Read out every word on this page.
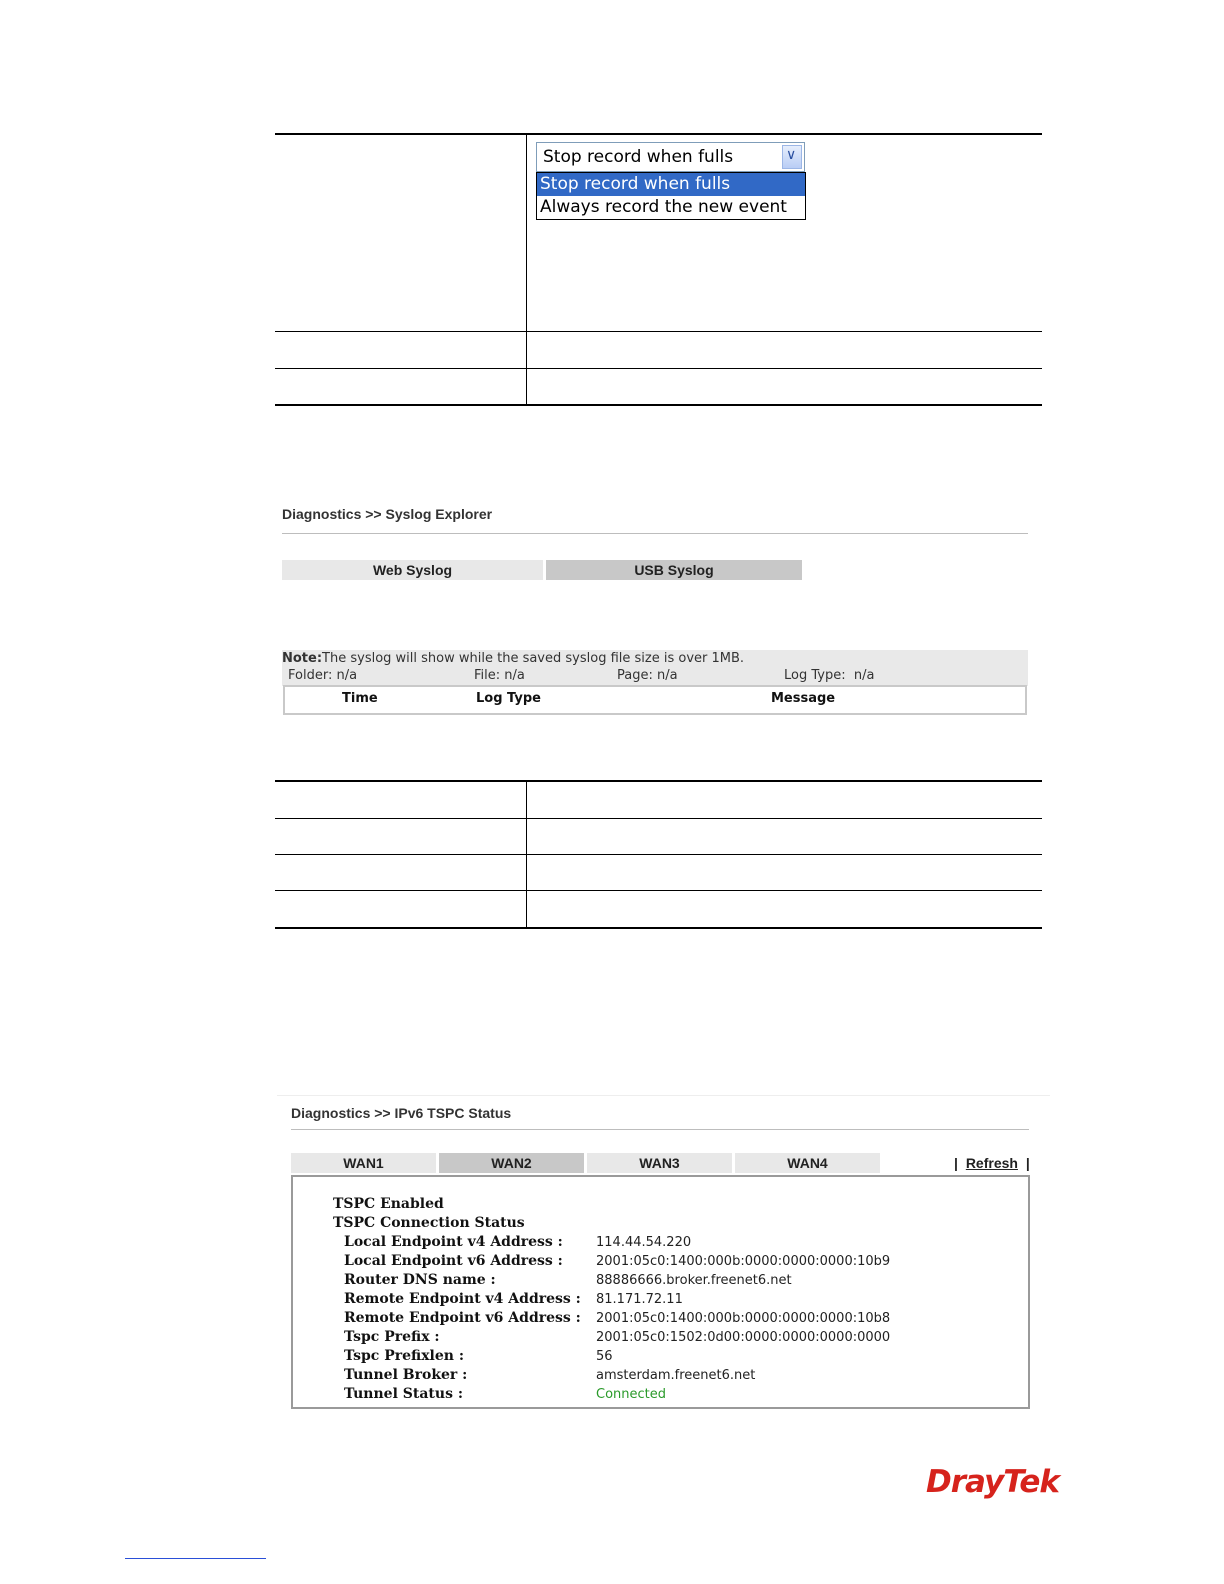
Stop record when fulls	∨
Stop record when fulls
Always record the new event
Diagnostics >> Syslog Explorer
Web Syslog	USB Syslog
Note:The syslog will show while the saved syslog file size is over 1MB.
Folder: n/a	File: n/a	Page: n/a	Log Type:  n/a
Time	Log Type	Message
Diagnostics >> IPv6 TSPC Status
WAN1	WAN2	WAN3	WAN4	| Refresh |
TSPC Enabled
TSPC Connection Status
Local Endpoint v4 Address :	114.44.54.220
Local Endpoint v6 Address :	2001:05c0:1400:000b:0000:0000:0000:10b9
Router DNS name :	88886666.broker.freenet6.net
Remote Endpoint v4 Address : 81.171.72.11
Remote Endpoint v6 Address : 2001:05c0:1400:000b:0000:0000:0000:10b8
Tspc Prefix :	2001:05c0:1502:0d00:0000:0000:0000:0000
Tspc Prefixlen :	56
Tunnel Broker :	amsterdam.freenet6.net
Tunnel Status :	Connected
DrayTek
